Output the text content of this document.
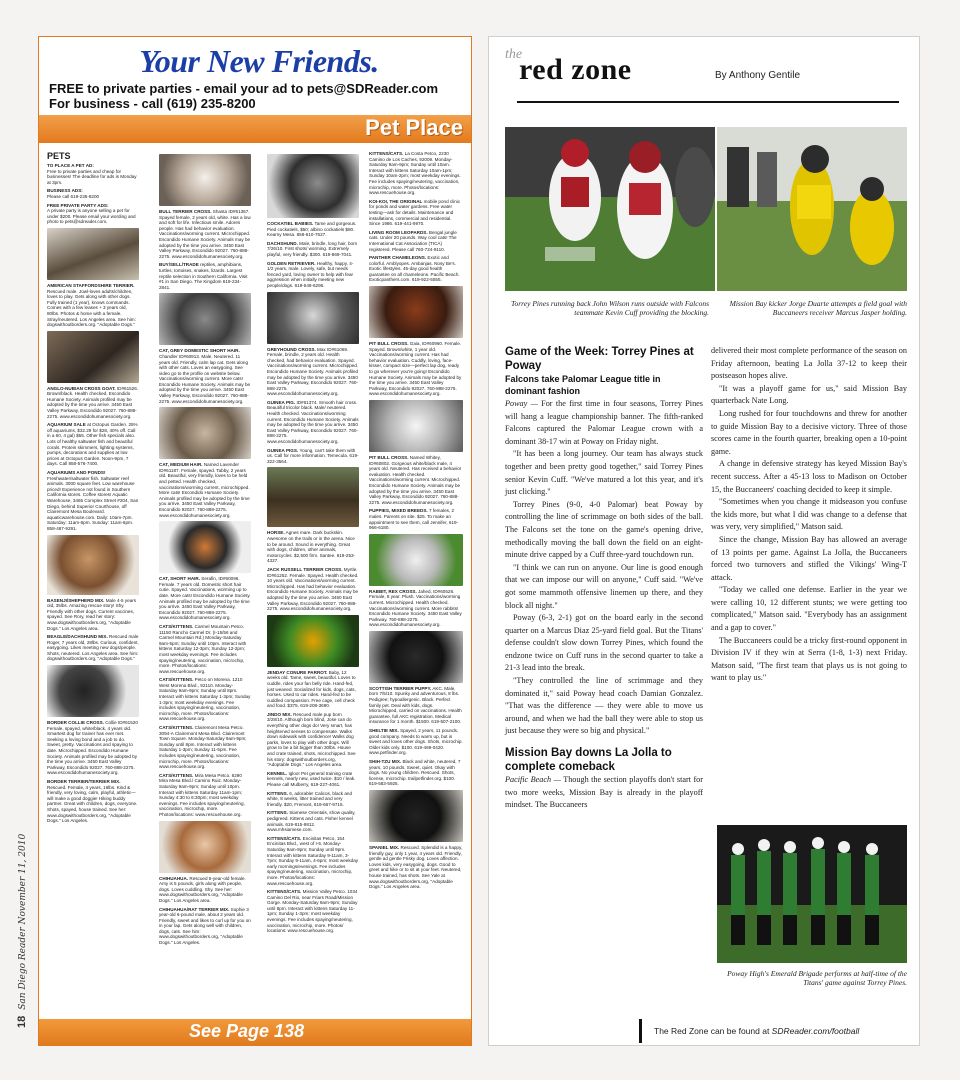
Your New Friends.
FREE to private parties - email your ad to pets@SDReader.com
For business - call (619) 235-8200
Pet Place
PETS
TO PLACE A PET AD:
Free to private parties and cheap for businesses! The deadline for ads is Monday at 3pm.
BUSINESS ADS:
Please call 619-235-8200
FREE PRIVATE PARTY ADS:
A private party is anyone selling a pet for under $200. Please email your wording and photo to pets@sdreader.com.
AMERICAN STAFFORDSHIRE TERRIER. Rescued male. Jowl-loves adults/children, loves to play. Gets along with other dogs. Fully trained (1 year), knows commands. Comes with a few leases + 3 years old, 80lbs. Photos & home with a female. Stray/neutered. Los Angeles area. See him: dogswithoutborders.org. "Adoptable Dogs."
ANGLO-NUBIAN CROSS GOAT. ID#61526. Brown/black. Health checked. Escondido Humane Society. Animals profiled may be adopted by the time you arrive. 3450 East Valley Parkway, Escondido 92027. 760-888-2275. www.escondidohumanesociety.org.
AQUARIUM SALE at Octopus Garden. 25% off aquariums, $32.29 for $28, 40% off. Call in a 60, 4 gal) $55. Other fish specials also. Lots of healthy saltwater fish and beautiful corals. Protein skimmers, lighting systems, pumps, decorations and supplies at low prices at Octopus Garden. Noon-9pm, 7 days. Call 858-576-7400.
AQUARIUMS AND PONDS! Freshwater/saltwater fish. Saltwater reef animals. 3000 square feet. Low warehouse priced! Experience not found in Southern California stores. Coffee stores! Aquatic Warehouse, 3465 Complex Street #204, San Diego, behind Superior Courthouse, off Clairemont Mesa Boulevard. aquaticwarehouse.com. Daily: 10am-7pm. Saturday: 11am-6pm. Sunday: 11am-6pm. 858-467-9291.
BASENJI/SHEPHERD MIX. Male 4-5 years old, 35lbs. Amazing rescue story! Shy. Friendly with other dogs. Current vaccines, spayed. See Rory, read her story: www.dogswithoutborders.org, "Adoptable Dogs." Los Angeles area.
BEAGLE/DACHSHUND MIX. Rescued male Roger, 7 years old, 28lbs. Curious, confident, easygoing. Likes meeting new dogs/people. Shots, neutered. Los Angeles area. See him: dogswithoutborders.org, "Adoptable Dogs."
BORDER COLLIE CROSS. Collie ID#61520 Female, spayed, white/black, 4 years old. Smartest dog for trainer has ever met. Seeking a loving bond and a job to do. Sweet, pretty. Vaccinations and spaying to date. Microchipped. Escondido Humane Society. Animals profiled may be adopted by the time you arrive. 3450 East Valley Parkway, Escondido 92027. 760-888-2275. www.escondidohumanesociety.org.
BORDER TERRIER/TERRIER MIX. Rescued. Female, 4 years, 16lbs. Kind & friendly, very loving, calm, playful, athletic—will make a good doggie! Hiking buddy partner. Great with children, dogs, everyone. Shots, spayed, house trained. See her: www.dogswithoutborders.org, "Adoptable Dogs." Los Angeles.
BULL TERRIER CROSS. Shasta ID#61367. Spayed female, 2 years old, white. Has a low and soft for life. Infectious smile. Adores people. Has had behavior evaluation. Vaccinations/worming current. Microchipped. Escondido Humane Society. Animals may be adopted by the time you arrive. 3450 East Valley Parkway, Escondido 92027. 760-888-2275. www.escondidohumanesociety.org.
BUY/SELL/TRADE reptiles, amphibians, turtles, tortoises, snakes, lizards. Largest reptile selection in Southern California. Visit #1 in San Diego. The Kingdom 619-234-2841.
CAT, GREY DOMESTIC SHORT HAIR. Chandler ID#60913. Male. Neutered. 11 years old. Friendly, calm lap cat. Gets along with other cats. Loves an easygoing. See video go to the profile on website below. Vaccinations/worming current. More cats! Escondido Humane Society. Animals may be adopted by the time you arrive. 3450 East Valley Parkway, Escondido 92027. 760-888-2275. www.escondidohumanesociety.org.
CAT, MEDIUM HAIR. Named Lavender ID#61187. Female, spayed. Tabby, 2 years old. Beautiful, very friendly, loves to be held and petted. Health checked, vaccinations/worming current, microchipped. More cats! Escondido Humane Society. Animals profiled may be adopted by the time you arrive. 3450 East Valley Parkway, Escondido 92027. 760-888-2275. www.escondidohumanesociety.org.
CAT, SHORT HAIR. Serafin, ID#60096. Female. 7 years old. Domestic short hair cutie. Spayed. Vaccinations, worming up to date. More cats! Escondido Humane Society. Animals profiled may be adopted by the time you arrive. 3450 East Valley Parkway, Escondido 92027. 760-888-2275. www.escondidohumanesociety.org.
CATS/KITTENS. Carmel Mountain Petco. 11150 Rancho Carmel Dr. (I-15/56 and Carmel Mountain Rd.) Monday-Saturday 9am-5pm; Sunday until 10pm. Interact with kittens Saturday 12-3pm; Sunday 12-2pm; most weekday evenings. Fee includes spaying/neutering, vaccination, microchip, more. Photos/locations: www.rescuehouse.org.
CATS/KITTENS. Petco on Morena. 1210 West Morena Blvd., 92110. Monday-Saturday 9am-9pm; Sunday until 8pm. Interact with kittens Saturday 1-3pm; Sunday 1-3pm; most weekday evenings. Fee includes spaying/neutering, vaccination, microchip, more. Photos/locations: www.rescuehouse.org.
CATS/KITTENS. Clairemont Mesa Petco. 3094-A Clairemont Mesa Blvd. Clairemont Town Square. Monday-Saturday 9am-9pm; Sunday until 8pm. Interact with kittens Saturday 1-3pm; Sunday 11-5pm. Fee includes spaying/neutering, vaccination, microchip, more. Photos/locations: www.rescuehouse.org.
CATS/KITTENS. Mira Mesa Petco. 8290 Mira Mesa Blvd./ Camino Ruiz. Monday-Saturday 9am-9pm; Sunday until 10pm. Interact with kittens Saturday 11am-1pm; Sunday 4:30 to 6:30pm; most weekday evenings. Fee includes spaying/neutering, vaccination, microchip, more. Photos/locations: www.rescuehouse.org.
CHIHUAHUA. Rescued 5-year-old female. Amy is 5 pounds, girls along with people, dogs. Loves cuddling. Shy. See her: www.dogswithoutborders.org, "Adoptable Dogs." Los Angeles area.
CHIHUAHUA/RAT TERRIER MIX. Sophie 3 year-old 6-pound male, about 2 years old. Friendly, sweet and likes to curl up for you on in your lap. Gets along well with children, dogs, cats. See him: www.dogswithoutborders.org, "Adoptable Dogs." Los Angeles.
COCKATIEL BABIES. Tame and gorgeous. Pied cockatiels, $50; albino cockatiels $80. Kearny Mesa. 858-610-7627.
DACHSHUND. Male, brindle, long hair, born 7/26/10. First shots/ worming. Extremely playful, very friendly. $300. 619-869-7041.
GOLDEN RETRIEVER. Healthy, happy, 4-1/2 years, male. Lovely, safe, but needs fenced yard, loving owner to help with fear aggression when initially meeting new people/dogs. 619-549-6296.
GREYHOUND CROSS. Max ID#61069. Female, brindle, 2 years old. Health checked, had behavior evaluation. Spayed. Vaccinations/worming current. Microchipped. Escondido Humane Society. Animals profiled may be adopted by the time you arrive. 3450 East Valley Parkway, Escondido 92027. 760-888-2275. www.escondidohumanesociety.org.
GUINEA PIG. ID#61374. Smooth hair cross. Beautiful tricolor black. Male/ neutered. Health checked. Vaccinations/worming current. Escondido Humane Society. Animals may be adopted by the time you arrive. 3450 East Valley Parkway, Escondido 92027. 760-888-2275. www.escondidohumanesociety.org.
GUINEA PIGS. Young, can't take them with us. Call for more information. Temecula. 619-322-3564.
HORSE. Agnes mare. Dark buckskin. Awesome on the trails or in the arena. Nice to be around. Sound in everything. Great with dogs, children, other animals, motorcycles. $2,500 firm. Santee. 619-253-4327.
JACK RUSSELL TERRIER CROSS. Myrtle. ID#61252. Female. Spayed. Health checked. 10 years old. Vaccinations/worming current. Microchipped. Has had behavior evaluation. Escondido Humane Society. Animals may be adopted by the time you arrive. 3450 East Valley Parkway, Escondido 92027. 760-888-2275. www.escondidohumanesociety.org.
JENDAY CONURE PARROT. Baby, 12 weeks old. Tame, sweet, beautiful. Loves to cuddle, rides your fan belly ride. Hand-fed, just weaned. Socialized for kids, dogs, cats, horses. Used to car rides. Hand-fed to be cuddled compassion. Free cage, cell check and food. $375. 619-208-3690.
JINDO MIX. Rescued male pup born 3/28/10. Although born blind, Jose can do everything other dogs do! Very smart, has heightened senses to compensate. Walks down sidewalk with confidence! Walks dog parks, loves to play with other dogs. Will grow to be a bit bigger than 30lbs. House and crate trained, shots, microchipped. See his story: dogswithoutborders.org, "Adoptable Dogs." Los Angeles area.
KENNEL. Igloo! Pet general training crate kennels, nearly new, used twice. $10 / leak. Please call Mulberry, 619-227-4061.
KITTENS. 6, adorable! Calicos, black and white, 8 weeks, litter trained and very friendly. $20, Fremont, 619-667-9715.
KITTENS. Siamese Orientals, show quality, pedigreed. Kittens and cats. Fisher kennel animals. 619-815-9812. www.mhsiamese.com.
KITTENS/CATS. Encinitas Petco, 154 Encinitas Blvd., west of I-5. Monday-Saturday 9am-9pm; Sunday until 9pm. Interact with kittens Saturday 9-11am, 3-7pm; Sunday 9-11am, 4-6pm; most weekday early mornings/evenings. Fee includes spaying/neutering, vaccination, microchip, more. Photos/locations: www.rescuehouse.org.
KITTENS/CATS. Mission Valley Petco. 1034 Camino Del Rio, near Friars Road/Mission Gorge. Monday-Saturday 9am-9pm; Sunday until 8pm. Interact with kittens Saturday 11-1pm; Sunday 1-3pm; most weekday evenings. Fee includes spaying/neutering, vaccination, microchip, more. Photos/ locations: www.rescuehouse.org.
KITTENS/CATS. La Costa Petco, 2230 Camino de Los Caches, 92009. Monday-Saturday 9am-9pm; Sunday until 10am. Interact with kittens Saturday 10am-1pm; Sunday 10am-2pm; most weekday evenings. Fee includes spaying/neutering, vaccination, microchip, more. Photos/locations: www.rescuehouse.org.
KOI-KOI, THE ORIGINAL mobile pond clinic for ponds and water gardens. Free water testing—ask for details. Maintenance and installations, commercial and residential. Since 1986. 619-441-9970.
LIVING ROOM LEOPARDS. Bengal jungle cats. Under 20 pounds. Way cool cats! The International Cat Association (TICA) registered. Please call 760-724-9110.
PANTHER CHAMELEONS. Exotic and colorful. Amblyopes. Ambanjas. Nosy Be's. Exotic lifestyles. 45-day good health guarantee on all chameleons. Pacific Beach. Exoticpanthers.com. 619-922-5555.
PIT BULL CROSS. Gaia, ID#60960. Female. Spayed. Brown/white, 1 year old. Vaccinations/worming current. Has had behavior evaluation. Cuddly, loving, face-kisser, compact size—perfect lap dog, ready to go wherever you're going! Escondido Humane Society. Animals may be adopted by the time you arrive. 3450 East Valley Parkway, Escondido 92027. 760-888-2275. www.escondidohumanesociety.org.
PIT BULL CROSS. Named Whitey, ID#60802. Gorgeous white/black male, 4 years old. Neutered. Has received a behavior evaluation. Health checked. Vaccinations/worming current. Microchipped. Escondido Humane Society. Animals may be adopted by the time you arrive. 3450 East Valley Parkway, Escondido 92027. 760-888-2275. www.escondidohumanesociety.org.
PUPPIES, MIXED BREEDS. 7 females, 2 males. Parents on site. $25. To make an appointment to see them, call Jennifer, 619-966-6180.
RABBIT, REX CROSS. Jahed, ID#60528. Female, 8 year. Plush. Vaccinations/worming current. Microchipped. Health checked. Vaccinations/worming current. More rabbits! Escondido Humane Society. 3450 East Valley Parkway. 760-888-2275. www.escondidohumanesociety.org.
SCOTTISH TERRIER PUPPY. AKC. Male, born 7/5/10. Spunky and adventurous, 8 lbs. Pedigree; hypoallergenic. Black. Perfect family pet. Deal with kids, dogs. Microchipped, carried on vaccinations. Health guarantee, full AKC registration. Medical insurance for 1 month. $1500. 619-507-2100.
SHELTIE MIX. Spayed, 2 years, 11 pounds, good company. Needs to warm up, but is sweet and loves other dogs. Shots, microchip. Older kids only. $100. 619-469-0420. www.petfinder.org.
SHIH-TZU MIX. Black and white, neutered, 7 years, 10 pounds. Sweet, quiet. Okay with dogs. No young children. Rescued. Shots, license, microchip. trailpetfinder.org. $100. 619-583-5925.
SPANIEL MIX. Rescued. Splendid is a happy, friendly guy, only 1 year, 4 years old. Friendly, gentle ad gentle Frisky dog. Loves affection. Loves kids, very easygoing, dogs. Good to greet and hike or to sit at your feet. Neutered, house trained, has shots. See Yale at www.dogswithoutborders.org, "Adoptable Dogs." Los Angeles area.
See Page 138
18San Diego Reader November 11, 2010
the
red zone	By Anthony Gentile
Torrey Pines running back John Wilson runs outside with Falcons teammate Kevin Cuff providing the blocking.
Mission Bay kicker Jorge Duarte attempts a field goal with Buccaneers receiver Marcus Jasper holding.
Game of the Week: Torrey Pines at Poway
Falcons take Palomar League title in dominant fashion

Poway — For the first time in four seasons, Torrey Pines will hang a league championship banner. The fifth-ranked Falcons captured the Palomar League crown with a dominant 38-17 win at Poway on Friday night.

"It has been a long journey. Our team has always stuck together and been pretty good together," said Torrey Pines senior Kevin Cuff. "We've matured a lot this year, and it's just clicking."

Torrey Pines (9-0, 4-0 Palomar) beat Poway by controlling the line of scrimmage on both sides of the ball. The Falcons set the tone on the game's opening drive, methodically moving the ball down the field on an eight-minute drive capped by a Cuff three-yard touchdown run.

"I think we can run on anyone. Our line is good enough that we can impose our will on anyone," Cuff said. "We've got some mammoth offensive linemen up there, and they block all night."

Poway (6-3, 2-1) got on the board early in the second quarter on a Marcus Diaz 25-yard field goal. But the Titans' defense couldn't slow down Torrey Pines, which found the endzone twice on Cuff runs in the second quarter to take a 21-3 lead into the break.

"They controlled the line of scrimmage and they dominated it," said Poway head coach Damian Gonzalez. "That was the difference — they were able to move us around, and when we had the ball they were able to stop us just because they were so big and physical."

Mission Bay downs La Jolla to complete comeback

Pacific Beach — Though the section playoffs don't start for two more weeks, Mission Bay is already in the playoff mindset. The Buccaneers

delivered their most complete performance of the season on Friday afternoon, beating La Jolla 37-12 to keep their postseason hopes alive.

"It was a playoff game for us," said Mission Bay quarterback Nate Long.

Long rushed for four touchdowns and threw for another to guide Mission Bay to a decisive victory. Three of those scores came in the fourth quarter, breaking open a 10-point game.

A change in defensive strategy has keyed Mission Bay's recent success. After a 45-13 loss to Madison on October 15, the Buccaneers' coaching decided to keep it simple.

"Sometimes when you change it midseason you confuse the kids more, but what I did was change to a defense that was very, very simplified," Matson said.

Since the change, Mission Bay has allowed an average of 13 points per game. Against La Jolla, the Buccaneers forced two turnovers and stifled the Vikings' Wing-T attack.

"Today we called one defense. Earlier in the year we were calling 10, 12 different stunts; we were getting too complicated," Matson said. "Everybody has an assignment and a gap to cover."

The Buccaneers could be a tricky first-round opponent in Division IV if they win at Serra (1-8, 1-3) next Friday. Matson said, "The first team that plays us is not going to want to play us."

Poway High's Emerald Brigade performs at half-time of the Titans' game against Torrey Pines.
The Red Zone can be found at SDReader.com/football
